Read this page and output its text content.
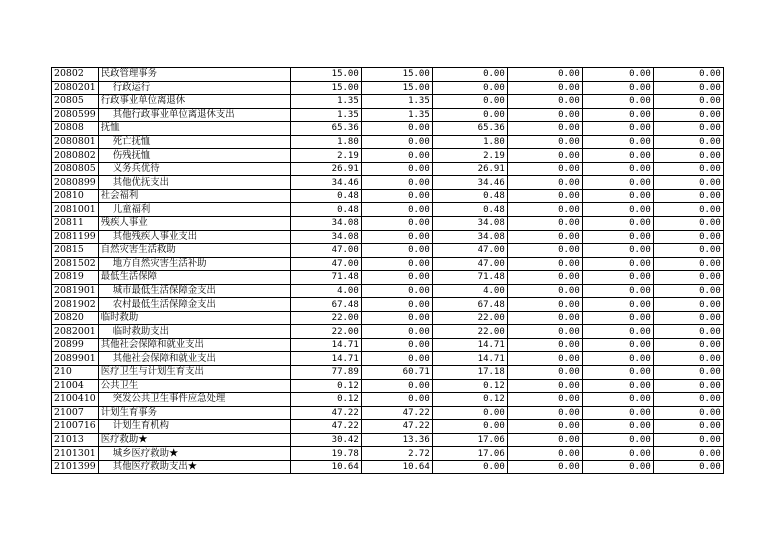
20802	民政管理事务	15.00	15.00	0.00	0.00	0.00	0.00
2080201	行政运行	15.00	15.00	0.00	0.00	0.00	0.00
20805	行政事业单位离退休	1.35	1.35	0.00	0.00	0.00	0.00
2080599	其他行政事业单位离退休支出	1.35	1.35	0.00	0.00	0.00	0.00
20808	抚恤	65.36	0.00	65.36	0.00	0.00	0.00
2080801	死亡抚恤	1.80	0.00	1.80	0.00	0.00	0.00
2080802	伤残抚恤	2.19	0.00	2.19	0.00	0.00	0.00
2080805	义务兵优待	26.91	0.00	26.91	0.00	0.00	0.00
2080899	其他优抚支出	34.46	0.00	34.46	0.00	0.00	0.00
20810	社会福利	0.48	0.00	0.48	0.00	0.00	0.00
2081001	儿童福利	0.48	0.00	0.48	0.00	0.00	0.00
20811	残疾人事业	34.08	0.00	34.08	0.00	0.00	0.00
2081199	其他残疾人事业支出	34.08	0.00	34.08	0.00	0.00	0.00
20815	自然灾害生活救助	47.00	0.00	47.00	0.00	0.00	0.00
2081502	地方自然灾害生活补助	47.00	0.00	47.00	0.00	0.00	0.00
20819	最低生活保障	71.48	0.00	71.48	0.00	0.00	0.00
2081901	城市最低生活保障金支出	4.00	0.00	4.00	0.00	0.00	0.00
2081902	农村最低生活保障金支出	67.48	0.00	67.48	0.00	0.00	0.00
20820	临时救助	22.00	0.00	22.00	0.00	0.00	0.00
2082001	临时救助支出	22.00	0.00	22.00	0.00	0.00	0.00
20899	其他社会保障和就业支出	14.71	0.00	14.71	0.00	0.00	0.00
2089901	其他社会保障和就业支出	14.71	0.00	14.71	0.00	0.00	0.00
210	医疗卫生与计划生育支出	77.89	60.71	17.18	0.00	0.00	0.00
21004	公共卫生	0.12	0.00	0.12	0.00	0.00	0.00
2100410	突发公共卫生事件应急处理	0.12	0.00	0.12	0.00	0.00	0.00
21007	计划生育事务	47.22	47.22	0.00	0.00	0.00	0.00
2100716	计划生育机构	47.22	47.22	0.00	0.00	0.00	0.00
21013	医疗救助★	30.42	13.36	17.06	0.00	0.00	0.00
2101301	城乡医疗救助★	19.78	2.72	17.06	0.00	0.00	0.00
2101399	其他医疗救助支出★	10.64	10.64	0.00	0.00	0.00	0.00
